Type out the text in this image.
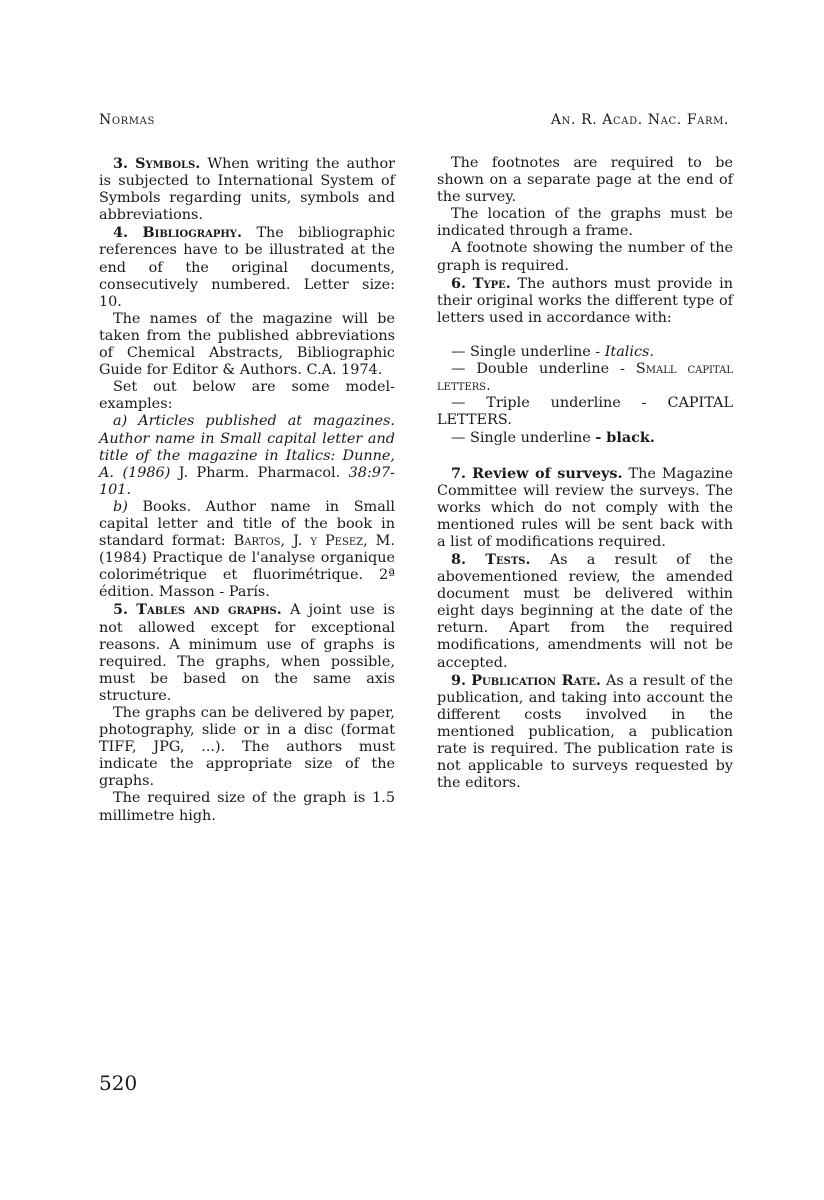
Normas	An. R. Acad. Nac. Farm.

3. Symbols. When writing the author is subjected to International System of Symbols regarding units, symbols and abbreviations.

4. Bibliography. The bibliographic references have to be illustrated at the end of the original documents, consecutively numbered. Letter size: 10.

The names of the magazine will be taken from the published abbreviations of Chemical Abstracts, Bibliographic Guide for Editor & Authors. C.A. 1974.

Set out below are some model-examples:

a) Articles published at magazines. Author name in Small capital letter and title of the magazine in Italics: Dunne, A. (1986) J. Pharm. Pharmacol. 38:97-101.

b) Books. Author name in Small capital letter and title of the book in standard format: Bartos, J. y Pesez, M. (1984) Practique de l'analyse organique colorimétrique et fluorimétrique. 2ª édition. Masson - París.

5. Tables and graphs. A joint use is not allowed except for exceptional reasons. A minimum use of graphs is required. The graphs, when possible, must be based on the same axis structure.

The graphs can be delivered by paper, photography, slide or in a disc (format TIFF, JPG, ...). The authors must indicate the appropriate size of the graphs.

The required size of the graph is 1.5 millimetre high.

The footnotes are required to be shown on a separate page at the end of the survey.

The location of the graphs must be indicated through a frame.

A footnote showing the number of the graph is required.

6. Type. The authors must provide in their original works the different type of letters used in accordance with:

— Single underline - Italics.

— Double underline - Small capital letters.

— Triple underline - CAPITAL LETTERS.

— Single underline - black.

7. Review of surveys. The Magazine Committee will review the surveys. The works which do not comply with the mentioned rules will be sent back with a list of modifications required.

8. Tests. As a result of the abovementioned review, the amended document must be delivered within eight days beginning at the date of the return. Apart from the required modifications, amendments will not be accepted.

9. Publication Rate. As a result of the publication, and taking into account the different costs involved in the mentioned publication, a publication rate is required. The publication rate is not applicable to surveys requested by the editors.

520
